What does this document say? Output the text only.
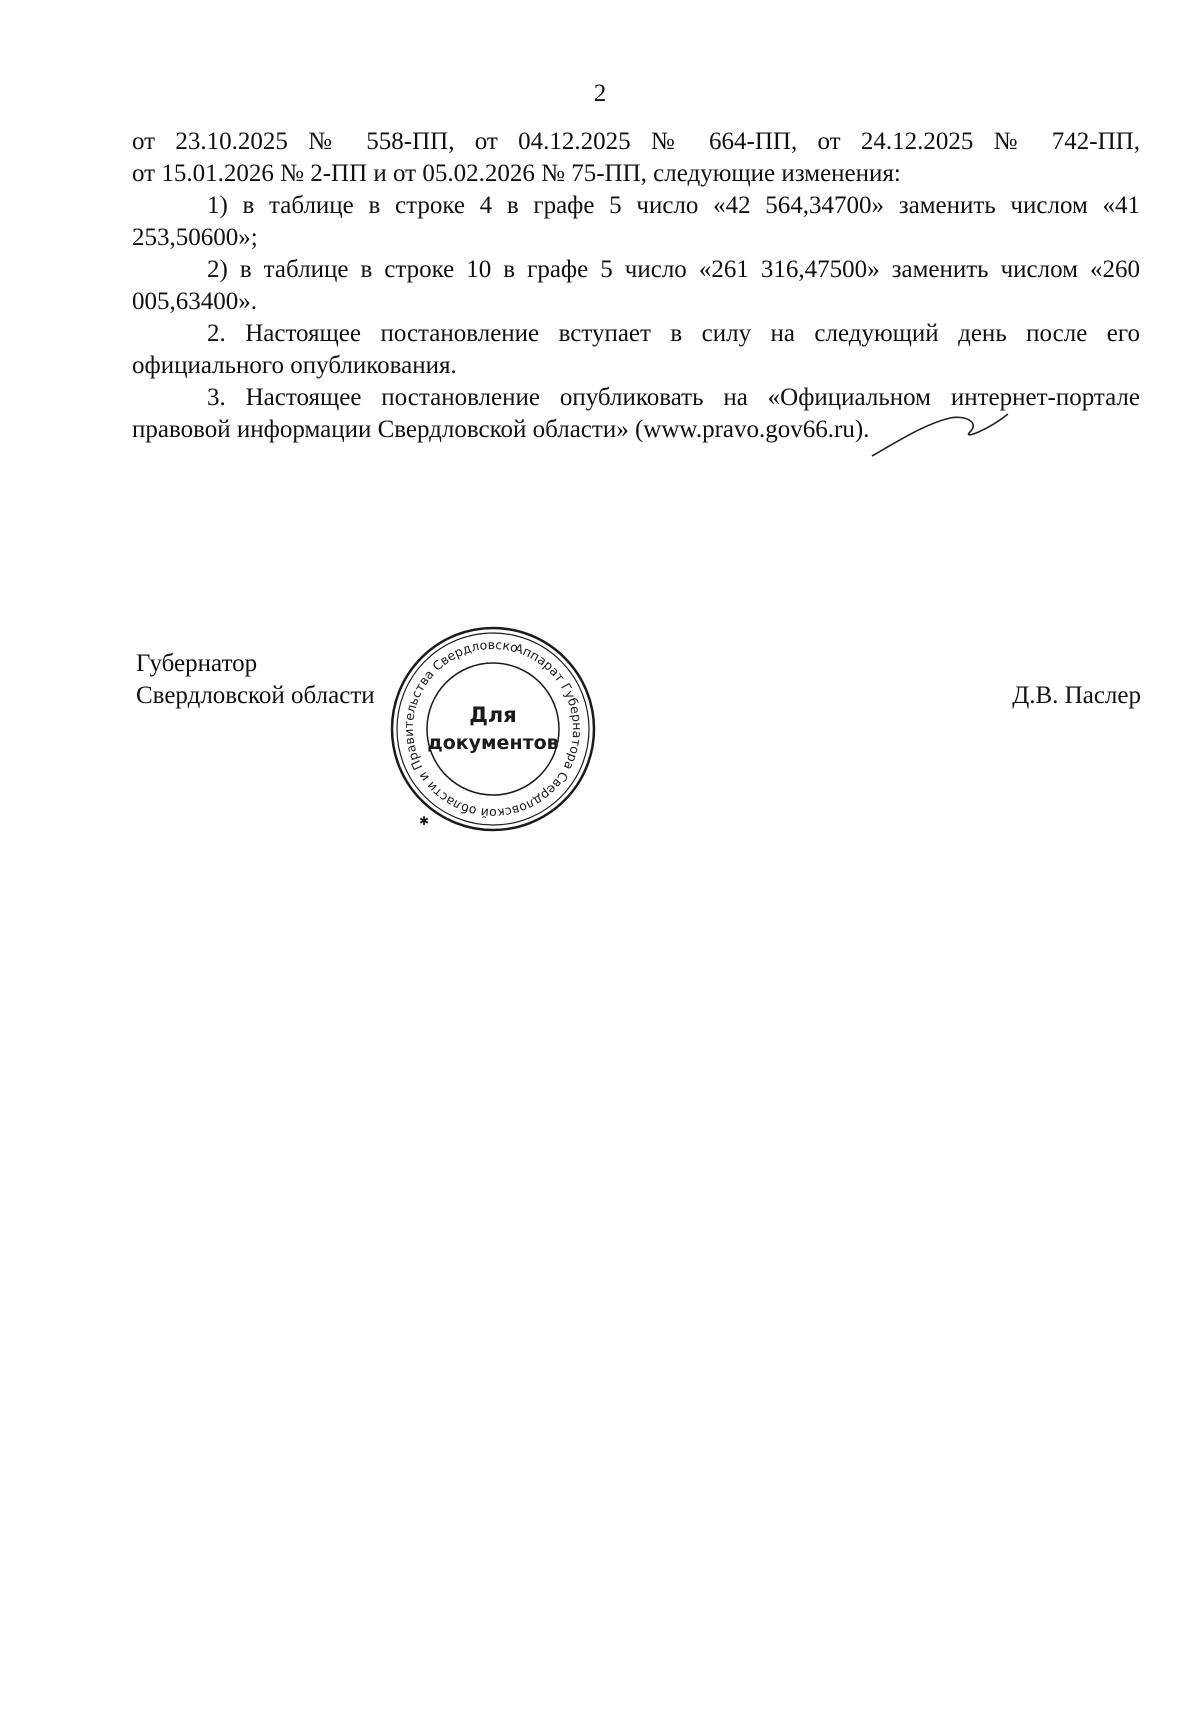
2

от 23.10.2025 № 558-ПП, от 04.12.2025 № 664-ПП, от 24.12.2025 № 742-ПП,

от 15.01.2026 № 2-ПП и от 05.02.2026 № 75-ПП, следующие изменения:

1) в таблице в строке 4 в графе 5 число «42 564,34700» заменить числом «41 253,50600»;

2) в таблице в строке 10 в графе 5 число «261 316,47500» заменить числом «260 005,63400».

2. Настоящее постановление вступает в силу на следующий день после его официального опубликования.

3. Настоящее постановление опубликовать на «Официальном интернет-портале правовой информации Свердловской области» (www.pravo.gov66.ru).

Губернатор
Свердловской области	Д.В. Паслер
Аппарат Губернатора Свердловской области и Правительства Свердловской
✱
Для
документов
